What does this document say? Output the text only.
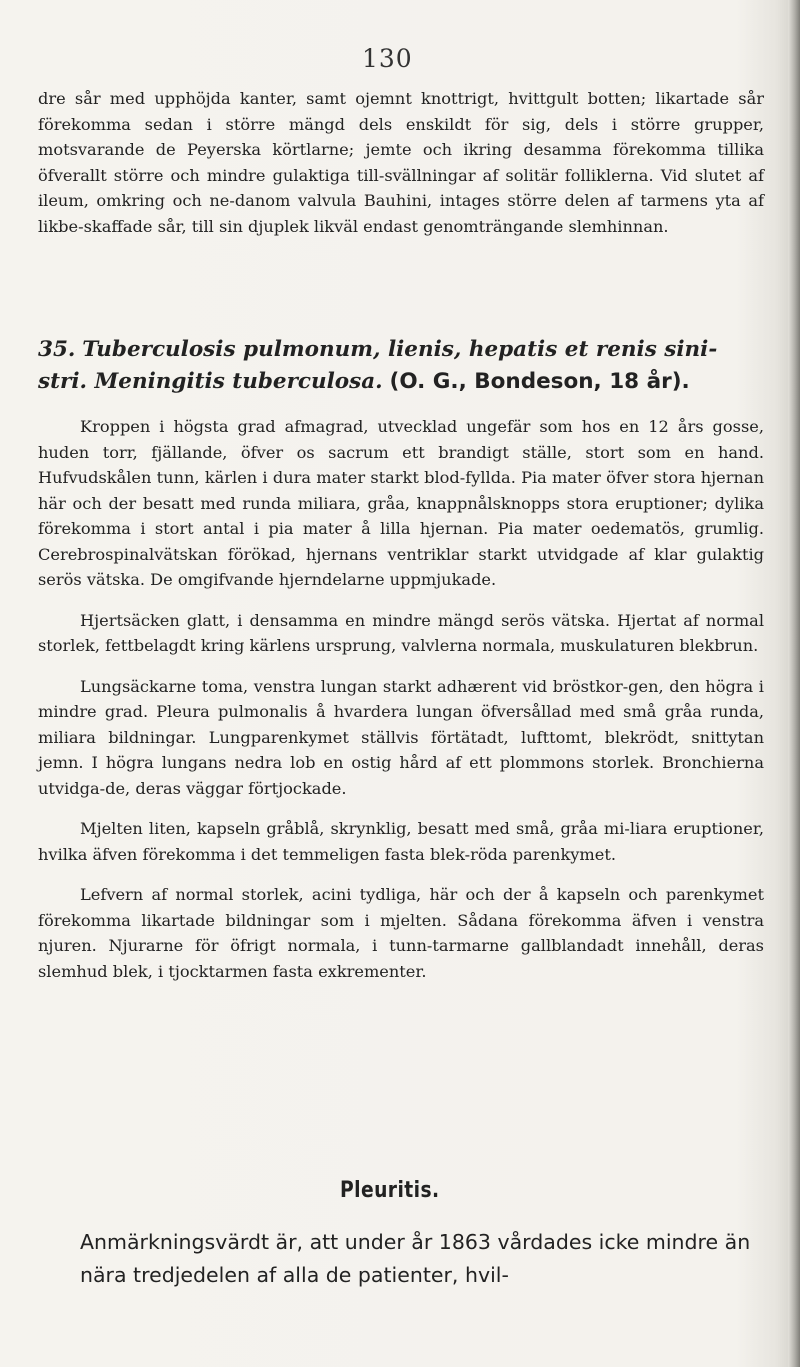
130

dre sår med upphöjda kanter, samt ojemnt knottrigt, hvittgult botten; likartade sår förekomma sedan i större mängd dels enskildt för sig, dels i större grupper, motsvarande de Peyerska körtlarne; jemte och ikring desamma förekomma tillika öfverallt större och mindre gulaktiga till-svällningar af solitär folliklerna. Vid slutet af ileum, omkring och ne-danom valvula Bauhini, intages större delen af tarmens yta af likbe-skaffade sår, till sin djuplek likväl endast genomträngande slemhinnan.

35. Tuberculosis pulmonum, lienis, hepatis et renis sini-stri. Meningitis tuberculosa. (O. G., Bondeson, 18 år).

Kroppen i högsta grad afmagrad, utvecklad ungefär som hos en 12 års gosse, huden torr, fjällande, öfver os sacrum ett brandigt ställe, stort som en hand. Hufvudskålen tunn, kärlen i dura mater starkt blod-fyllda. Pia mater öfver stora hjernan här och der besatt med runda miliara, gråa, knappnålsknopps stora eruptioner; dylika förekomma i stort antal i pia mater å lilla hjernan. Pia mater oedematös, grumlig. Cerebrospinalvätskan förökad, hjernans ventriklar starkt utvidgade af klar gulaktig serös vätska. De omgifvande hjerndelarne uppmjukade.

Hjertsäcken glatt, i densamma en mindre mängd serös vätska. Hjertat af normal storlek, fettbelagdt kring kärlens ursprung, valvlerna normala, muskulaturen blekbrun.

Lungsäckarne toma, venstra lungan starkt adhærent vid bröstkor-gen, den högra i mindre grad. Pleura pulmonalis å hvardera lungan öfversållad med små gråa runda, miliara bildningar. Lungparenkymet ställvis förtätadt, lufttomt, blekrödt, snittytan jemn. I högra lungans nedra lob en ostig hård af ett plommons storlek. Bronchierna utvidga-de, deras väggar förtjockade.

Mjelten liten, kapseln gråblå, skrynklig, besatt med små, gråa mi-liara eruptioner, hvilka äfven förekomma i det temmeligen fasta blek-röda parenkymet.

Lefvern af normal storlek, acini tydliga, här och der å kapseln och parenkymet förekomma likartade bildningar som i mjelten. Sådana förekomma äfven i venstra njuren. Njurarne för öfrigt normala, i tunn-tarmarne gallblandadt innehåll, deras slemhud blek, i tjocktarmen fasta exkrementer.

Pleuritis.

Anmärkningsvärdt är, att under år 1863 vårdades icke mindre än nära tredjedelen af alla de patienter, hvil-
